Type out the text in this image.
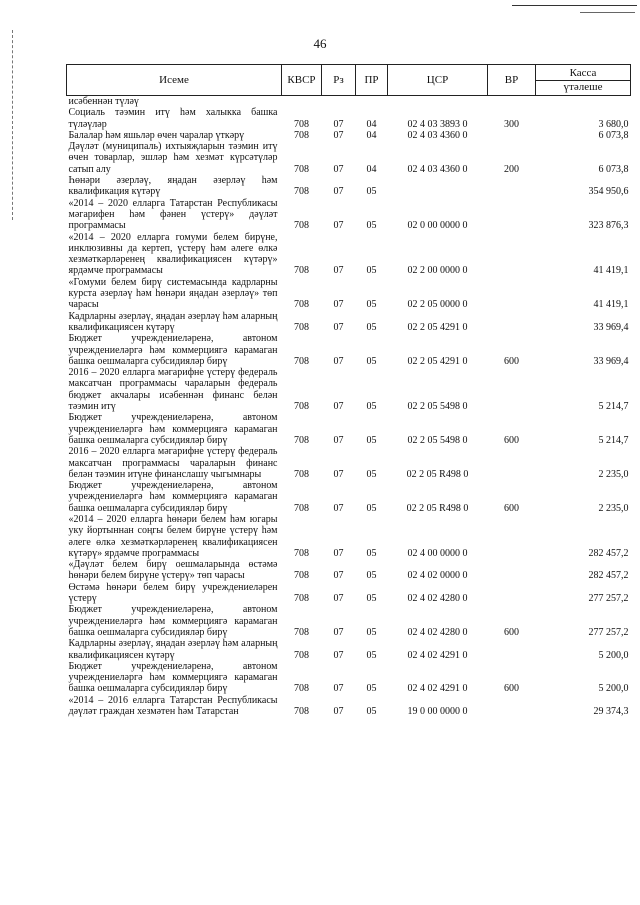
46
Исеме	КВСР	Рз	ПР	ЦСР	ВР	Касса
үтәлеше

исәбеннән түләү						
Социаль тәэмин итү һәм халыкка башка түләүләр	708	07	04	02 4 03 3893 0	300	3 680,0
Балалар һәм яшьләр өчен чаралар үткәрү	708	07	04	02 4 03 4360 0		6 073,8
Дәүләт (муниципаль) ихтыяҗларын тәэмин итү өчен товарлар, эшләр һәм хезмәт күрсәтүләр сатып алу	708	07	04	02 4 03 4360 0	200	6 073,8
Һөнәри әзерләү, яңадан әзерләү һәм квалификация күтәрү	708	07	05			354 950,6
«2014 – 2020 елларга Татарстан Республикасы мәгарифен һәм фәнен үстерү» дәүләт программасы	708	07	05	02 0 00 0000 0		323 876,3
«2014 – 2020 елларга гомуми белем бирүне, инклюзивны да кертеп, үстерү һәм әлеге өлкә хезмәткәрләренең квалификациясен күтәрү» ярдәмче программасы	708	07	05	02 2 00 0000 0		41 419,1
«Гомуми белем бирү системасында кадрларны курста әзерләү һәм һөнәри яңадан әзерләү» төп чарасы	708	07	05	02 2 05 0000 0		41 419,1
Кадрларны әзерләү, яңадан әзерләү һәм аларның квалификациясен күтәрү	708	07	05	02 2 05 4291 0		33 969,4
Бюджет учреждениеләренә, автоном учреждениеләргә һәм коммерциягә карамаган башка оешмаларга субсидияләр бирү	708	07	05	02 2 05 4291 0	600	33 969,4
2016 – 2020 елларга мәгарифне үстерү федераль максатчан программасы чараларын федераль бюджет акчалары исәбеннән финанс белән тәэмин итү	708	07	05	02 2 05 5498 0		5 214,7
Бюджет учреждениеләренә, автоном учреждениеләргә һәм коммерциягә карамаган башка оешмаларга субсидияләр бирү	708	07	05	02 2 05 5498 0	600	5 214,7
2016 – 2020 елларга мәгарифне үстерү федераль максатчан программасы чараларын финанс белән тәэмин итүне финанслашу чыгымнары	708	07	05	02 2 05 R498 0		2 235,0
Бюджет учреждениеләренә, автоном учреждениеләргә һәм коммерциягә карамаган башка оешмаларга субсидияләр бирү	708	07	05	02 2 05 R498 0	600	2 235,0
«2014 – 2020 елларга һөнәри белем һәм югары уку йортыннан соңгы белем бирүне үстерү һәм әлеге өлкә хезмәткәрләренең квалификациясен күтәрү» ярдәмче программасы	708	07	05	02 4 00 0000 0		282 457,2
«Дәүләт белем бирү оешмаларында өстәмә һөнәри белем бирүне үстерү» төп чарасы	708	07	05	02 4 02 0000 0		282 457,2
Өстәмә һөнәри белем бирү учреждениеләрен үстерү	708	07	05	02 4 02 4280 0		277 257,2
Бюджет учреждениеләренә, автоном учреждениеләргә һәм коммерциягә карамаган башка оешмаларга субсидияләр бирү	708	07	05	02 4 02 4280 0	600	277 257,2
Кадрларны әзерләү, яңадан әзерләү һәм аларның квалификациясен күтәрү	708	07	05	02 4 02 4291 0		5 200,0
Бюджет учреждениеләренә, автоном учреждениеләргә һәм коммерциягә карамаган башка оешмаларга субсидияләр бирү	708	07	05	02 4 02 4291 0	600	5 200,0
«2014 – 2016 елларга Татарстан Республикасы дәүләт граждан хезмәтен һәм Татарстан	708	07	05	19 0 00 0000 0		29 374,3
